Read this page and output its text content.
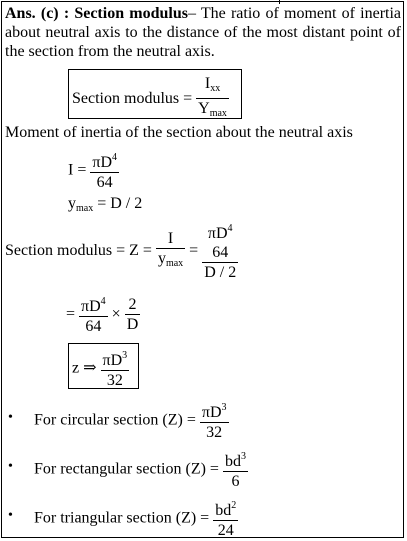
Ans. (c) : Section modulus– The ratio of moment of inertia about neutral axis to the distance of the most distant point of the section from the neutral axis.
Section modulus = $\frac{I_{xx}}{Y_{max}}$
Moment of inertia of the section about the neutral axis
$I = \frac{\pi D^4}{64}$
$y_{max} = D / 2$
Section modulus = $Z = \frac{I}{y_{max}}$ =
$\pi D^4$
64
D / 2
= $\frac{\pi D^4}{64} \times \frac{2}{D}$
z ⇒ $\frac{\pi D^3}{32}$
• For circular section $(Z) = \frac{\pi D^3}{32}$
• For rectangular section $(Z) = \frac{bd^3}{6}$
• For triangular section $(Z) = \frac{bd^2}{24}$
